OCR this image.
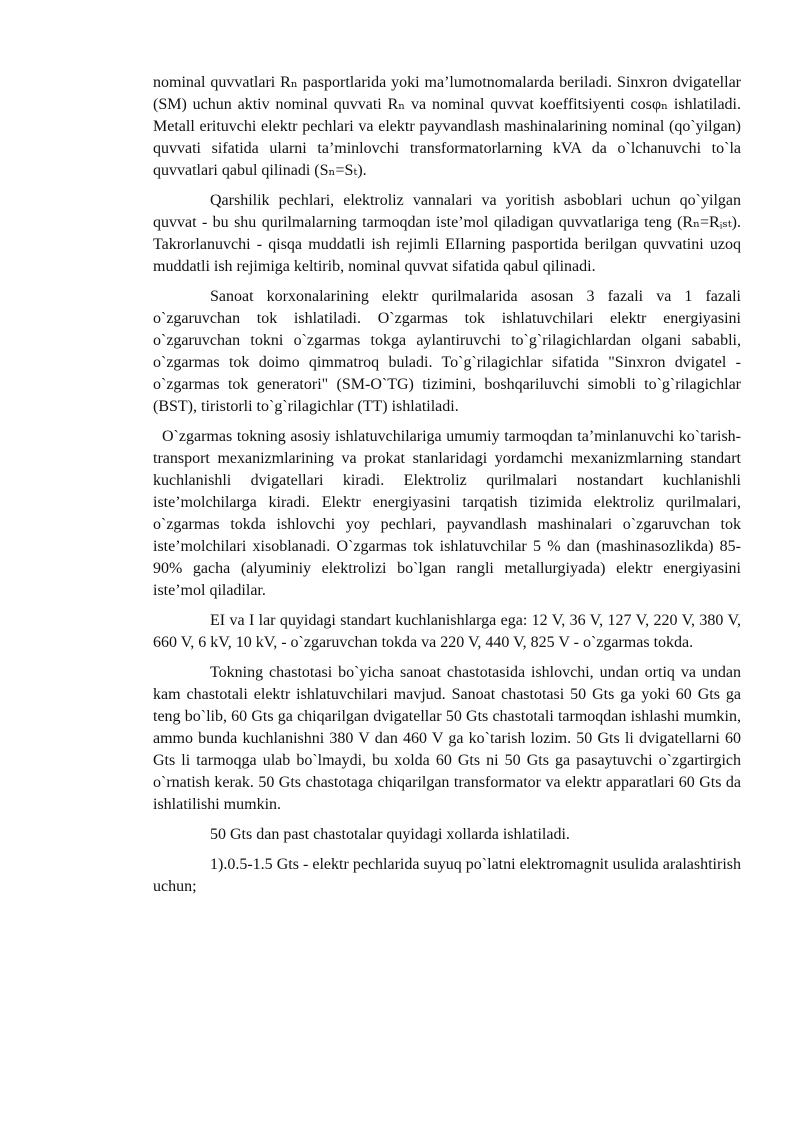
nominal quvvatlari Rₙ pasportlarida yoki ma’lumotnomalarda beriladi. Sinxron dvigatellar (SM) uchun aktiv nominal quvvati Rₙ va nominal quvvat koeffitsiyenti cosφₙ ishlatiladi. Metall erituvchi elektr pechlari va elektr payvandlash mashinalarining nominal (qo`yilgan) quvvati sifatida ularni ta’minlovchi transformatorlarning kVA da o`lchanuvchi to`la quvvatlari qabul qilinadi (Sₙ=Sₜ).

Qarshilik pechlari, elektroliz vannalari va yoritish asboblari uchun qo`yilgan quvvat - bu shu qurilmalarning tarmoqdan iste’mol qiladigan quvvatlariga teng (Rₙ=Rᵢₛₜ). Takrorlanuvchi - qisqa muddatli ish rejimli EIlarning pasportida berilgan quvvatini uzoq muddatli ish rejimiga keltirib, nominal quvvat sifatida qabul qilinadi.

Sanoat korxonalarining elektr qurilmalarida asosan 3 fazali va 1 fazali o`zgaruvchan tok ishlatiladi. O`zgarmas tok ishlatuvchilari elektr energiyasini o`zgaruvchan tokni o`zgarmas tokga aylantiruvchi to`g`rilagichlardan olgani sababli, o`zgarmas tok doimo qimmatroq buladi. To`g`rilagichlar sifatida "Sinxron dvigatel - o`zgarmas tok generatori" (SM-O`TG) tizimini, boshqariluvchi simobli to`g`rilagichlar (BST), tiristorli to`g`rilagichlar (TT) ishlatiladi.

O`zgarmas tokning asosiy ishlatuvchilariga umumiy tarmoqdan ta’minlanuvchi ko`tarish-transport mexanizmlarining va prokat stanlaridagi yordamchi mexanizmlarning standart kuchlanishli dvigatellari kiradi. Elektroliz qurilmalari nostandart kuchlanishli iste’molchilarga kiradi. Elektr energiyasini tarqatish tizimida elektroliz qurilmalari, o`zgarmas tokda ishlovchi yoy pechlari, payvandlash mashinalari o`zgaruvchan tok iste’molchilari xisoblanadi. O`zgarmas tok ishlatuvchilar 5 % dan (mashinasozlikda) 85-90% gacha (alyuminiy elektrolizi bo`lgan rangli metallurgiyada) elektr energiyasini iste’mol qiladilar.

EI va I lar quyidagi standart kuchlanishlarga ega: 12 V, 36 V, 127 V, 220 V, 380 V, 660 V, 6 kV, 10 kV, - o`zgaruvchan tokda va 220 V, 440 V, 825 V - o`zgarmas tokda.

Tokning chastotasi bo`yicha sanoat chastotasida ishlovchi, undan ortiq va undan kam chastotali elektr ishlatuvchilari mavjud. Sanoat chastotasi 50 Gts ga yoki 60 Gts ga teng bo`lib, 60 Gts ga chiqarilgan dvigatellar 50 Gts chastotali tarmoqdan ishlashi mumkin, ammo bunda kuchlanishni 380 V dan 460 V ga ko`tarish lozim. 50 Gts li dvigatellarni 60 Gts li tarmoqga ulab bo`lmaydi, bu xolda 60 Gts ni 50 Gts ga pasaytuvchi o`zgartirgich o`rnatish kerak. 50 Gts chastotaga chiqarilgan transformator va elektr apparatlari 60 Gts da ishlatilishi mumkin.

50 Gts dan past chastotalar quyidagi xollarda ishlatiladi.

1).0.5-1.5 Gts - elektr pechlarida suyuq po`latni elektromagnit usulida aralashtirish uchun;
